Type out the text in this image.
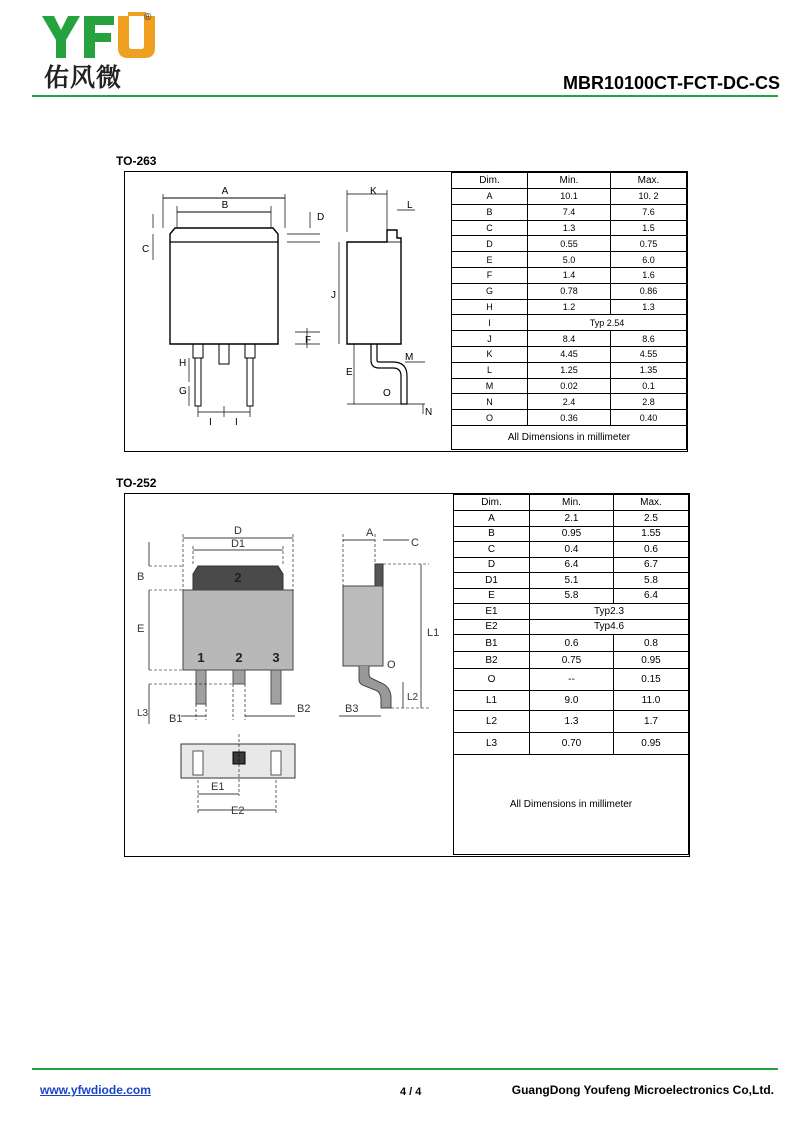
®
佑风微	MBR10100CT-FCT-DC-CS
TO-263
A
B
C
D
F
H
G
I I
K
L
J
E
M
O
N
Dim.	Min.	Max.
A	10.1	10. 2
B	7.4	7.6
C	1.3	1.5
D	0.55	0.75
E	5.0	6.0
F	1.4	1.6
G	0.78	0.86
H	1.2	1.3
I	Typ 2.54	
J	8.4	8.6
K	4.45	4.55
L	1.25	1.35
M	0.02	0.1
N	2.4	2.8
O	0.36	0.40
All Dimensions in millimeter		
TO-252
D
D1
A
C
B
E	L1
2
1 2 3	O
L2
L3 B1
B2	B3
E1
E2
Dim.	Min.	Max.
A	2.1	2.5
B	0.95	1.55
C	0.4	0.6
D	6.4	6.7
D1	5.1	5.8
E	5.8	6.4
E1	Typ2.3	
E2	Typ4.6	
B1	0.6	0.8
B2	0.75	0.95
O	--	0.15
L1	9.0	11.0
L2	1.3	1.7
L3	0.70	0.95
All Dimensions in millimeter		
www.yfwdiode.com	4 / 4	GuangDong Youfeng Microelectronics Co,Ltd.
